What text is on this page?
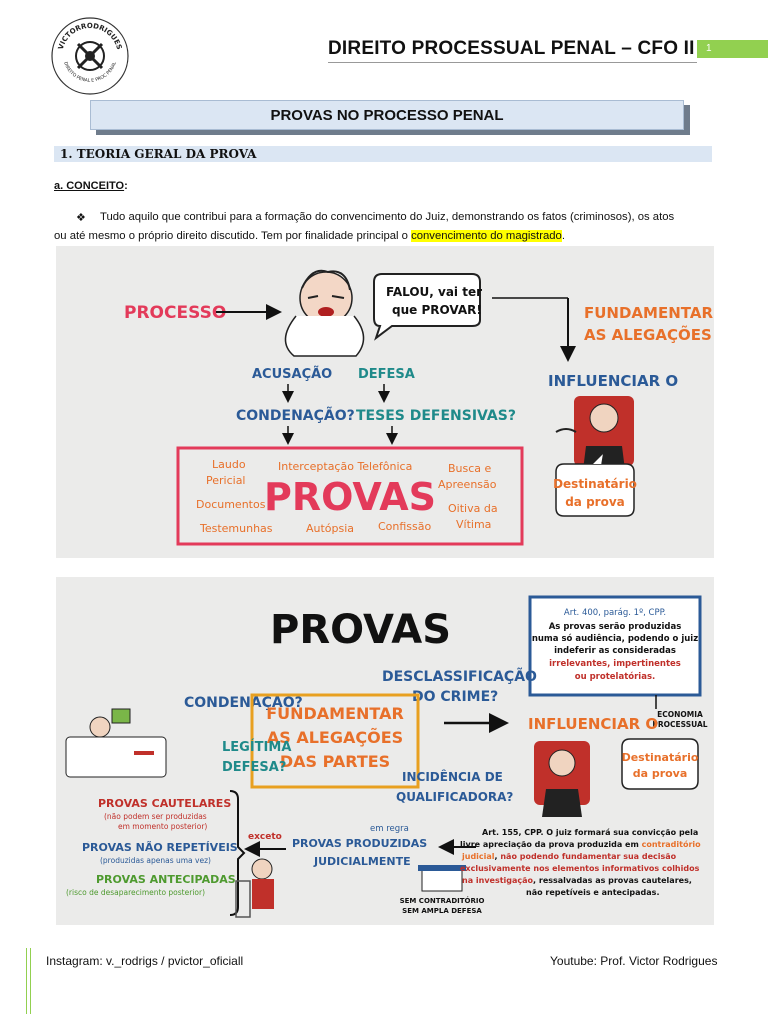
VICTORRODRIGUES
DIREITO PENAL E PROC PENAL
DIREITO PROCESSUAL PENAL – CFO II 1
PROVAS NO PROCESSO PENAL
1. TEORIA GERAL DA PROVA
a. CONCEITO:
❖ Tudo aquilo que contribui para a formação do convencimento do Juiz, demonstrando os fatos (criminosos), os atos
ou até mesmo o próprio direito discutido. Tem por finalidade principal o convencimento do magistrado.
PROCESSO
FALOU, vai ter
que PROVAR!	FUNDAMENTAR
AS ALEGAÇÕES
INFLUENCIAR O
Destinatário
da prova
ACUSAÇÃO DEFESA
CONDENAÇÃO? TESES DEFENSIVAS?
PROVAS
Laudo
Pericial
Interceptação Telefônica	Busca e
Apreensão
Documentos	Oitiva da
Vítima
Testemunhas	Autópsia Confissão
PROVAS	Art. 400, parág. 1º, CPP.
As provas serão produzidas
numa só audiência, podendo o juiz
indeferir as consideradas
irrelevantes, impertinentes
ou protelatórias.
ECONOMIA
PROCESSUAL
DESCLASSIFICAÇÃO
DO CRIME?
CONDENAÇÃO?
FUNDAMENTAR
AS ALEGAÇÕES
DAS PARTES
INFLUENCIAR O
LEGÍTIMA
DEFESA?
INCIDÊNCIA DE
QUALIFICADORA?
Destinatário
da prova
PROVAS CAUTELARES
(não podem ser produzidas
em momento posterior)
PROVAS NÃO REPETÍVEIS
(produzidas apenas uma vez)
PROVAS ANTECIPADAS
(risco de desaparecimento posterior)
exceto
em regra
PROVAS PRODUZIDAS
JUDICIALMENTE
SEM CONTRADITÓRIO
SEM AMPLA DEFESA
Art. 155, CPP. O juiz formará sua convicção pela
livre apreciação da prova produzida em contraditório
judicial, não podendo fundamentar sua decisão
exclusivamente nos elementos informativos colhidos
na investigação, ressalvadas as provas cautelares,
não repetíveis e antecipadas.
Instagram: v._rodrigs / pvictor_oficiall	Youtube: Prof. Victor Rodrigues
